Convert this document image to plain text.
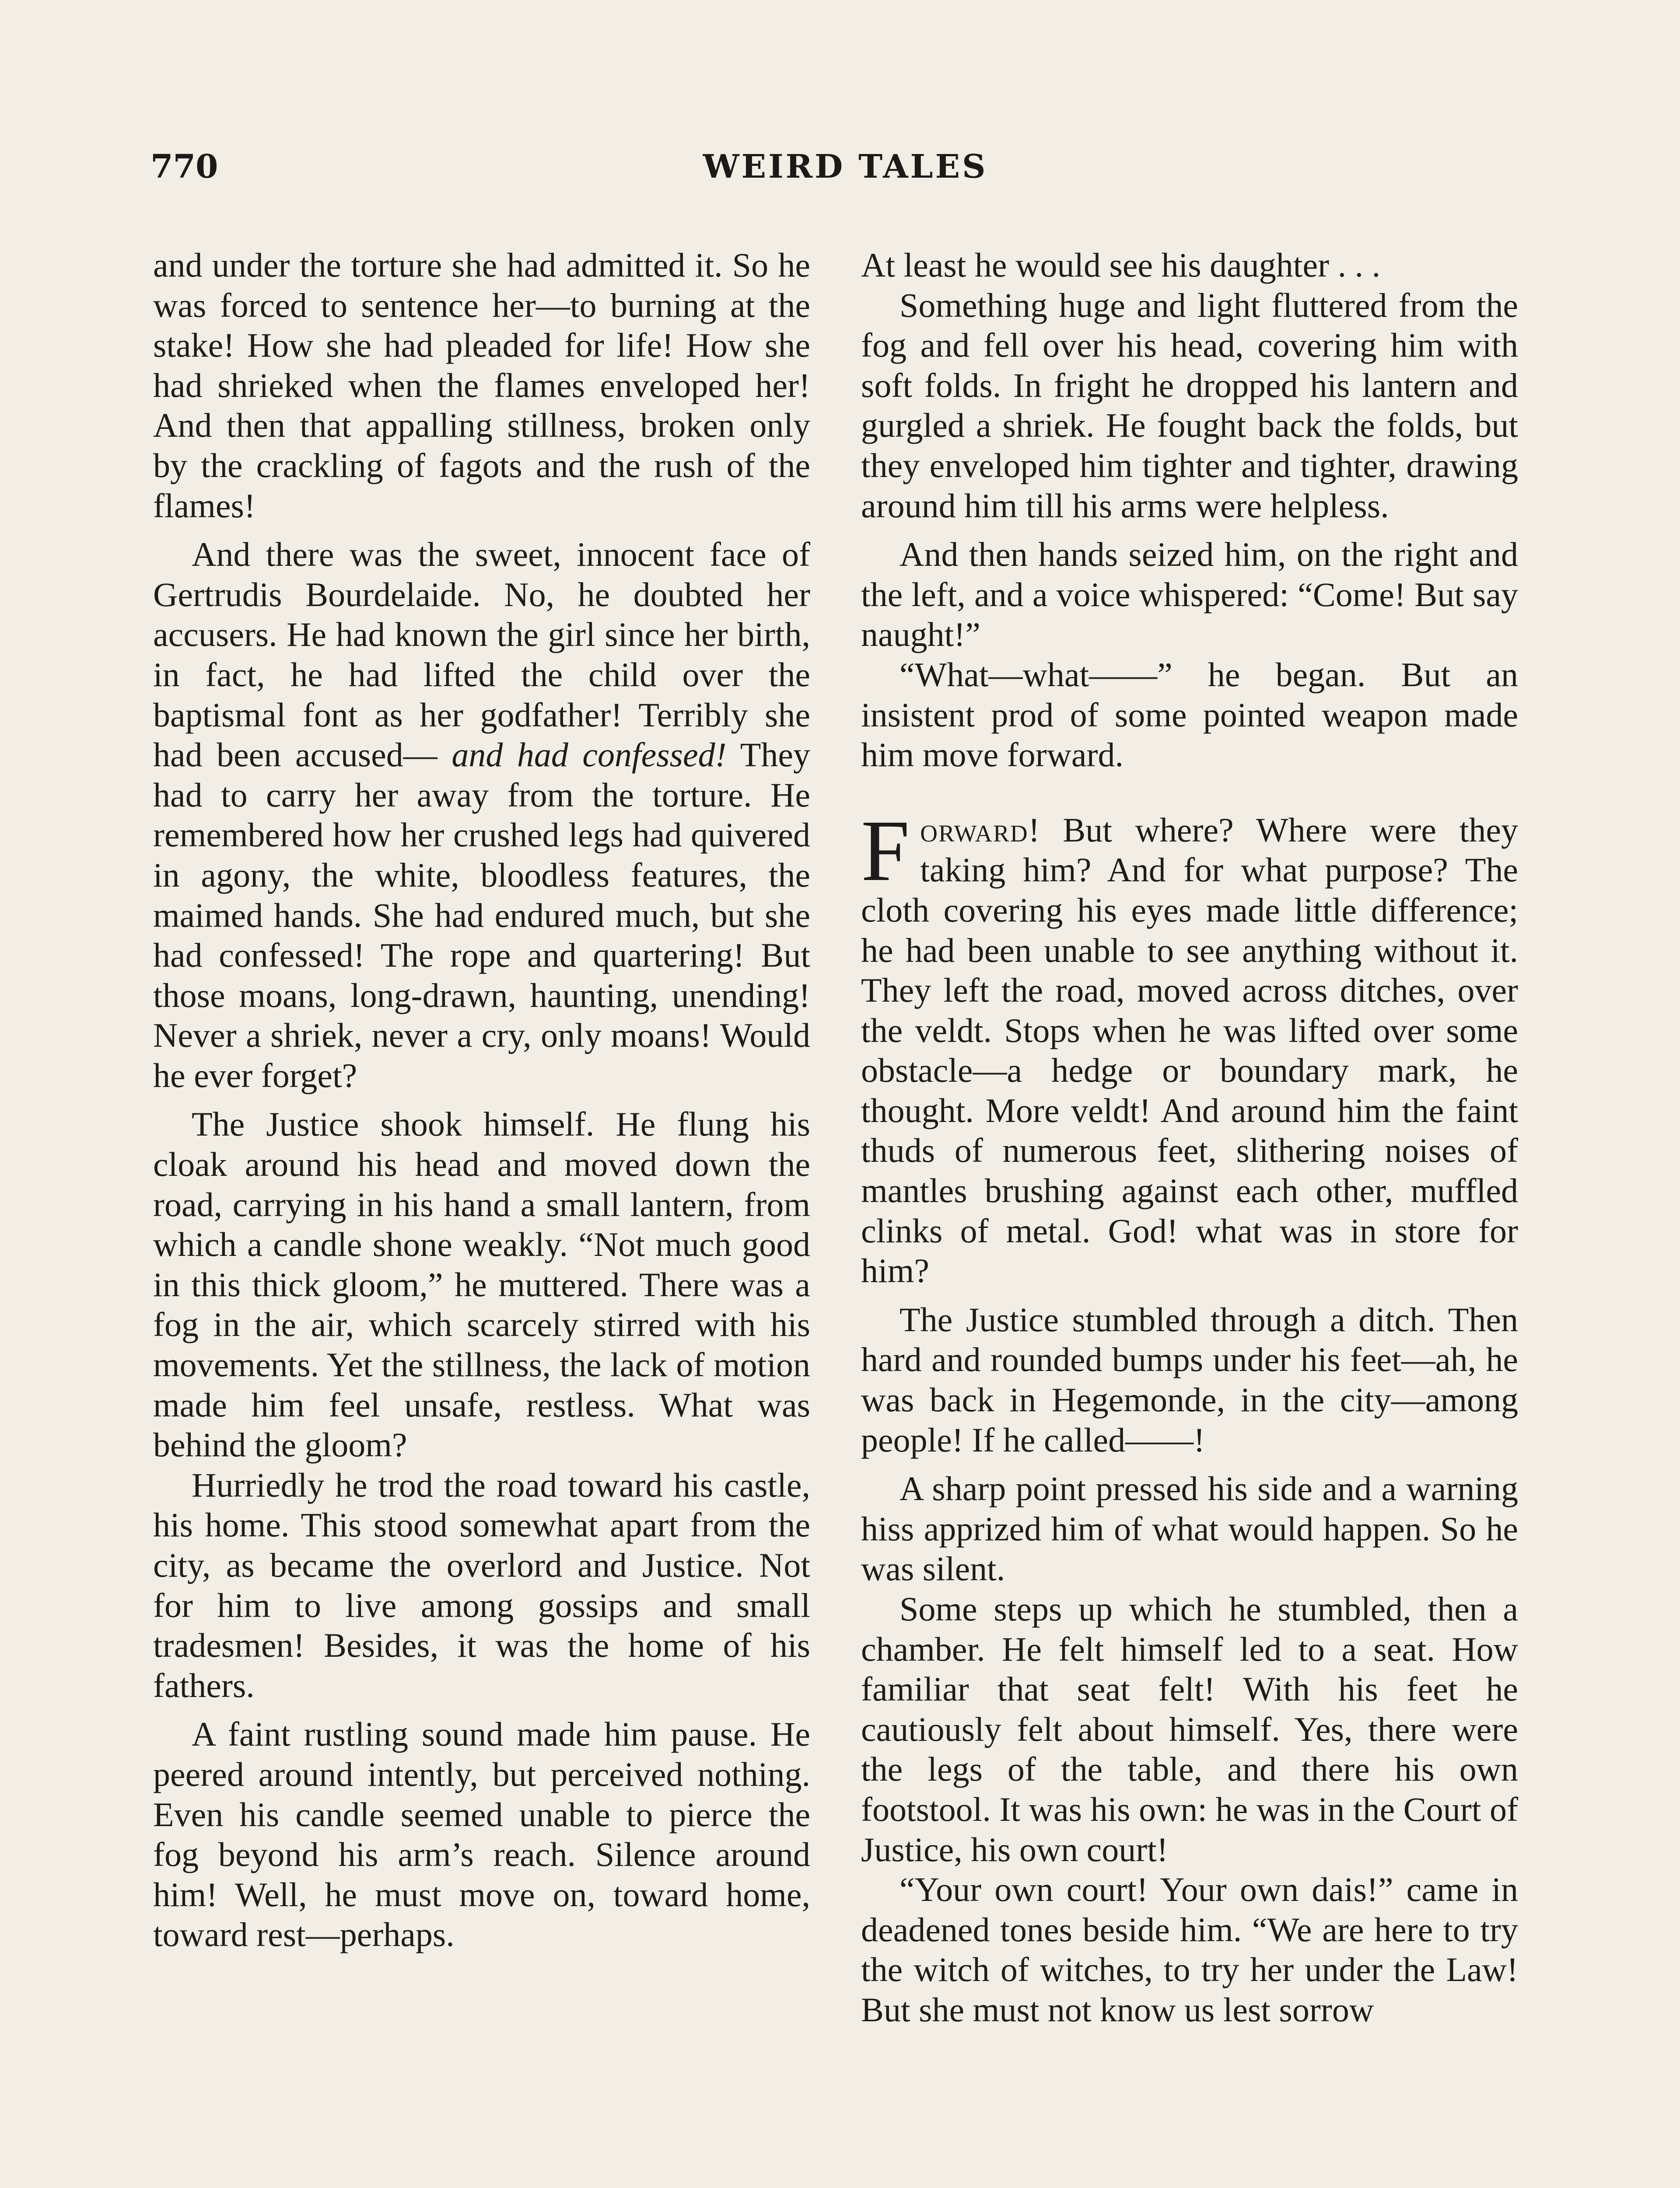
770	WEIRD TALES

and under the torture she had admitted it. So he was forced to sentence her—to burning at the stake! How she had pleaded for life! How she had shrieked when the flames enveloped her! And then that appalling stillness, broken only by the crackling of fagots and the rush of the flames!

And there was the sweet, innocent face of Gertrudis Bourdelaide. No, he doubted her accusers. He had known the girl since her birth, in fact, he had lifted the child over the baptismal font as her godfather! Terribly she had been accused— and had confessed! They had to carry her away from the torture. He remembered how her crushed legs had quivered in agony, the white, bloodless features, the maimed hands. She had endured much, but she had confessed! The rope and quartering! But those moans, long-drawn, haunting, unending! Never a shriek, never a cry, only moans! Would he ever forget?

The Justice shook himself. He flung his cloak around his head and moved down the road, carrying in his hand a small lantern, from which a candle shone weakly. “Not much good in this thick gloom,” he muttered. There was a fog in the air, which scarcely stirred with his movements. Yet the stillness, the lack of motion made him feel unsafe, restless. What was behind the gloom?

Hurriedly he trod the road toward his castle, his home. This stood somewhat apart from the city, as became the overlord and Justice. Not for him to live among gossips and small tradesmen! Besides, it was the home of his fathers.

A faint rustling sound made him pause. He peered around intently, but perceived nothing. Even his candle seemed unable to pierce the fog beyond his arm’s reach. Silence around him! Well, he must move on, toward home, toward rest—perhaps.

At least he would see his daughter . . .

Something huge and light fluttered from the fog and fell over his head, covering him with soft folds. In fright he dropped his lantern and gurgled a shriek. He fought back the folds, but they enveloped him tighter and tighter, drawing around him till his arms were helpless.

And then hands seized him, on the right and the left, and a voice whispered: “Come! But say naught!”

“What—what——” he began. But an insistent prod of some pointed weapon made him move forward.

Forward! But where? Where were they taking him? And for what purpose? The cloth covering his eyes made little difference; he had been unable to see anything without it. They left the road, moved across ditches, over the veldt. Stops when he was lifted over some obstacle—a hedge or boundary mark, he thought. More veldt! And around him the faint thuds of numerous feet, slithering noises of mantles brushing against each other, muffled clinks of metal. God! what was in store for him?

The Justice stumbled through a ditch. Then hard and rounded bumps under his feet—ah, he was back in Hegemonde, in the city—among people! If he called——!

A sharp point pressed his side and a warning hiss apprized him of what would happen. So he was silent.

Some steps up which he stumbled, then a chamber. He felt himself led to a seat. How familiar that seat felt! With his feet he cautiously felt about himself. Yes, there were the legs of the table, and there his own footstool. It was his own: he was in the Court of Justice, his own court!

“Your own court! Your own dais!” came in deadened tones beside him. “We are here to try the witch of witches, to try her under the Law! But she must not know us lest sorrow
